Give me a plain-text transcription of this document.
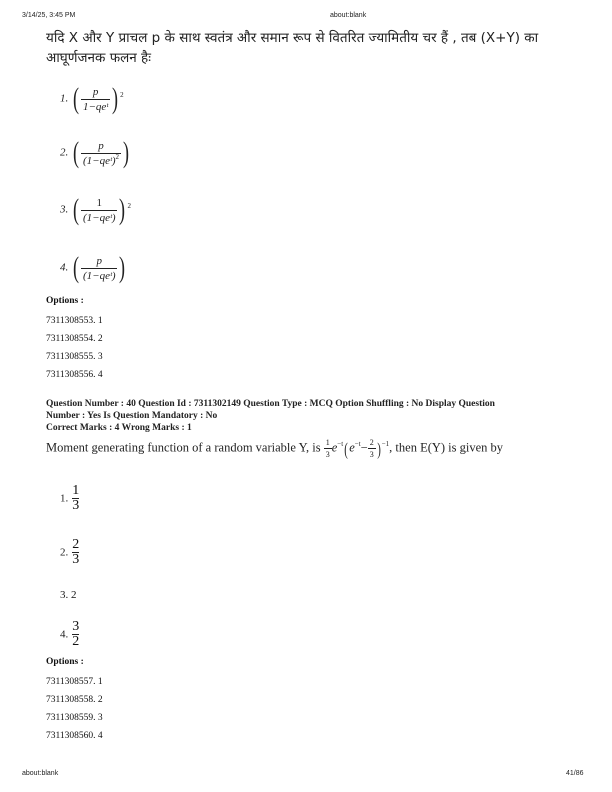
3/14/25, 3:45 PM	about:blank
यदि X और Y प्राचल p के साथ स्वतंत्र और समान रूप से वितरित ज्यामितीय चर हैं , तब (X+Y) का
आघूर्णजनक फलन हैः
1. ( $\frac{p}{\text{1−qeᵗ}}$ ) $^2$
2. ( $\frac{p}{(1-qeᵗ)^2}$ )
3. ( $\frac{1}{\text{(1−qeᵗ)}}$ ) $^2$
4. ( $\frac{p}{\text{(1−qeᵗ)}}$ )
Options :
7311308553. 1
7311308554. 2
7311308555. 3
7311308556. 4
Question Number : 40 Question Id : 7311302149 Question Type : MCQ Option Shuffling : No Display Question
Number : Yes Is Question Mandatory : No
Correct Marks : 4 Wrong Marks : 1
Moment generating function of a random variable Y, is $\frac{1}{3} e^{-t}(e^{-t}- \frac{2}{3} )^{-1}$, then E(Y) is given by
1. $\frac{1}{3}$
2. $\frac{2}{3}$
3. 2
4. $\frac{3}{2}$
Options :
7311308557. 1
7311308558. 2
7311308559. 3
7311308560. 4
about:blank	41/86
